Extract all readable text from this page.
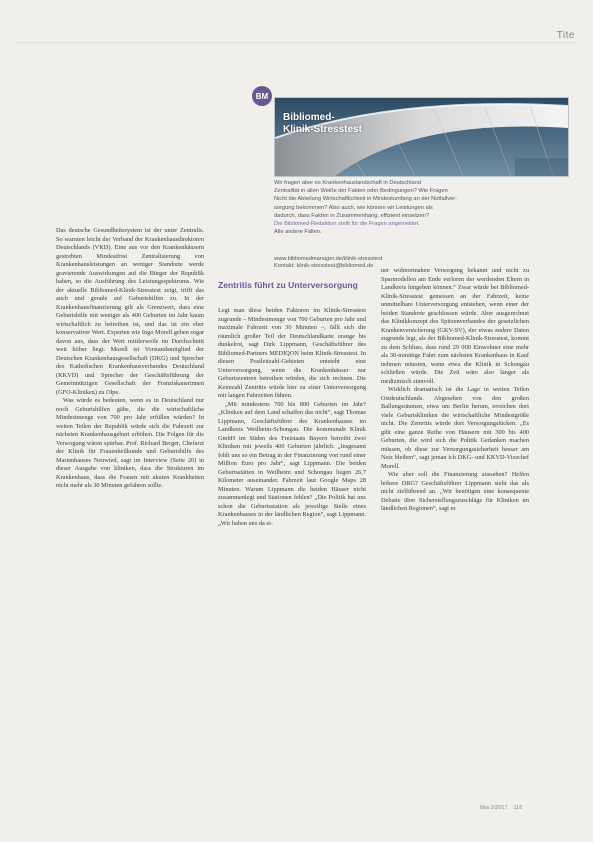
Tite
BM
Bibliomed-
Klinik-Stresstest

Wir fragen aber es Krankenhauslandschaft in Deutschland

Zentralität in allen Weiße der Fakten oder Bedingungen? Wie Fragen

Nicht die Abteilung Wirtschaftlichkeit in Mindestumfang an der Notfallver-

sorgung bekommen? Also auch, wie können wir Leistungen als

dadurch, dass Fakten in Zusammenhang, effizient einsetzen?

Die Bibliomed-Redaktion stellt für die Fragen angemeldet.

Alle andere Fällen.

www.bibliomedmanager.de/klinik-stresstest
Kontakt: klinik-stresstest@bibliomed.de

Das deutsche Gesundheitssystem ist der unter Zentralis. So warnten leicht der Verband der Krankenhausdirektoren Deutschlands (VKD). Eine aus vor den Krankenhäusern gestrebten Mindestfrist Zentralisierung von Krankenhausleistungen an weniger Standorte werde gravierende Auswirkungen auf die Bürger der Republik haben, so die Ausführung des Leistungsspektrums. Wie der aktuelle Bibliomed-Klinik-Stresstest zeigt, trifft das auch und gerade auf Geburtshilfen zu. In der Krankenhausfinanzierung gilt als Grenzwert, dass eine Geburtshilfe mit weniger als 400 Geburten im Jahr kaum wirtschaftlich zu betreiben ist, und das ist ein eher konservativer Wert. Experten wie Ingo Morell gehen sogar davon aus, dass der Wert mittlerweile im Durchschnitt weit höher liegt. Morell ist Vorstandsmitglied der Deutschen Krankenhausgesellschaft (DKG) und Sprecher des Katholischen Krankenhausverbandes Deutschland (KKVD) und Sprecher der Geschäftsführung der Gemeinnützigen Gesellschaft der Franziskanerinnen (GFO-Kliniken) zu Olpe.

Was würde es bedeuten, wenn es in Deutschland nur noch Geburtshilfen gäbe, die die wirtschaftliche Mindestmenge von 700 pro Jahr erfüllen würden? In weiten Teilen der Republik würde sich die Fahrzeit zur nächsten Krankenhausgeburt erhöhen. Die Folgen für die Versorgung wären spürbar. Prof. Richard Berger, Chefarzt der Klinik für Frauenheilkunde und Geburtshilfe des Marienhauses Neuwied, sagt im Interview (Seite 20) in dieser Ausgabe von kliniken, dass die Strukturen im Krankenhaus, dass die Frauen mit akuten Krankheiten nicht mehr als 30 Minuten gefahren sollte.

Zentritis führt zu Unterversorgung

Legt man diese beiden Faktoren im Klinik-Stresstest zugrunde – Mindestmenge von 700 Geburten pro Jahr und maximale Fahrzeit von 30 Minuten –, fällt sich die räumlich großer Teil der Deutschlandkarte orange bis dunkelrot, sagt Dirk Lippmann, Geschäftsführer des Bibliomed-Partners MEDIQON beim Klinik-Stresstest. In diesen Postleitzahl-Gebieten entsteht eine Unterversorgung, wenn die Krankenhäuser nur Geburtszentren betreiben würden, die sich rechnen. Die Kennzahl Zentritis würde hier zu einer Unterversorgung mit langen Fahrzeiten führen.

„Mit mindestens 700 bis 800 Geburten im Jahr? „Kliniken auf dem Land schaffen das nicht“, sagt Thomas Lippmann, Geschäftsführer des Krankenhauses im Landkreis Weilheim-Schongau. Die kommunale Klinik GmbH im Süden des Freistaats Bayern betreibt zwei Kliniken mit jeweils 400 Geburten jährlich. „Insgesamt fehlt uns so ein Betrag in der Finanzierung von rund einer Million Euro pro Jahr“, sagt Lippmann. Die beiden Geburtsstätten in Weilheim und Schongau liegen 26,7 Kilometer auseinander. Fahrzeit laut Google Maps 28 Minuten. Warum Lippmann die beiden Häuser nicht zusammenlegt und Stationen fehlen? „Die Politik hat uns schon die Geburtsstation als jeweilige Stelle eines Krankenhauses in der ländlichen Region“, sagt Lippmann. „Wir haben uns da ei-

ner wohnortnahen Versorgung bekannt und nicht zu Sparmodellen am Ende verloren der werdenden Eltern in Landkreis hingeben können.“ Zwar würde bei Bibliomed-Klinik-Stresstest gemessen an der Fahrzeit, keine unmittelbare Unterversorgung entstehen, wenn einer der beiden Standorte geschlossen würde. Aber ausgerechnet das Klinikkonzept des Spitzenverbandes der gesetzlichen Krankenversicherung (GKV-SV), der etwas andere Daten zugrunde legt, als der Bibliomed-Klinik-Stresstest, kommt zu dem Schluss, dass rund 29 000 Einwohner eine mehr als 30-minütige Fahrt zum nächsten Krankenhaus in Kauf nehmen müssten, wenn etwa die Klinik in Schongau schließen würde. Die Zeit wäre also länger als medizinisch sinnvoll.

Wirklich dramatisch ist die Lage in weiten Teilen Ostdeutschlands. Abgesehen von den großen Ballungsräumen, etwa um Berlin herum, erreichen dort viele Geburtskliniken die wirtschaftliche Mindestgröße nicht. Die Zentritis würde dort Versorgungslücken. „Es gibt eine ganze Reihe von Häusern mit 300 bis 400 Geburten, die wird sich die Politik Gedanken machen müssen, ob diese zur Versorgungssicherheit besser am Netz bleiben“, sagt jeman ich DKG- und KKVD-Vizechef Morell.

Wie aber soll die Finanzierung aussehen? Helfen höhere DRG? Geschäftsführer Lippmann sieht das als nicht zielführend an. „Wir benötigen eine konsequente Debatte über Sicherstellungszuschläge für Kliniken im ländlichen Regionen“, sagt er.

f&w 2/2017 116
